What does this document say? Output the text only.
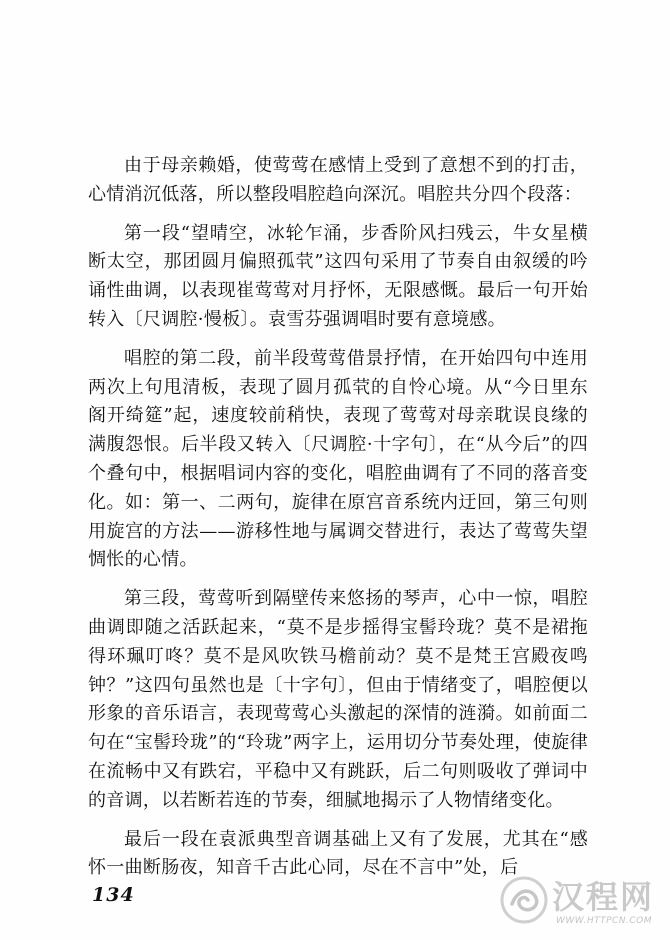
由于母亲赖婚，使莺莺在感情上受到了意想不到的打击，心情消沉低落，所以整段唱腔趋向深沉。唱腔共分四个段落：

第一段“望晴空，冰轮乍涌，步香阶风扫残云，牛女星横断太空，那团圆月偏照孤茕”这四句采用了节奏自由叙缓的吟诵性曲调，以表现崔莺莺对月抒怀，无限感慨。最后一句开始转入〔尺调腔·慢板〕。袁雪芬强调唱时要有意境感。

唱腔的第二段，前半段莺莺借景抒情，在开始四句中连用两次上句甩清板，表现了圆月孤茕的自怜心境。从“今日里东阁开绮筵”起，速度较前稍快，表现了莺莺对母亲耽误良缘的满腹怨恨。后半段又转入〔尺调腔·十字句〕，在“从今后”的四个叠句中，根据唱词内容的变化，唱腔曲调有了不同的落音变化。如：第一、二两句，旋律在原宫音系统内迂回，第三句则用旋宫的方法——游移性地与属调交替进行，表达了莺莺失望惆怅的心情。

第三段，莺莺听到隔壁传来悠扬的琴声，心中一惊，唱腔曲调即随之活跃起来，“莫不是步摇得宝髻玲珑？莫不是裙拖得环珮叮咚？莫不是风吹铁马檐前动？莫不是梵王宫殿夜鸣钟？”这四句虽然也是〔十字句〕，但由于情绪变了，唱腔便以形象的音乐语言，表现莺莺心头激起的深情的涟漪。如前面二句在“宝髻玲珑”的“玲珑”两字上，运用切分节奏处理，使旋律在流畅中又有跌宕，平稳中又有跳跃，后二句则吸收了弹词中的音调，以若断若连的节奏，细腻地揭示了人物情绪变化。

最后一段在袁派典型音调基础上又有了发展，尤其在“感怀一曲断肠夜，知音千古此心同，尽在不言中”处，后

134	汉程网
WWW.HTTPCN.COM
